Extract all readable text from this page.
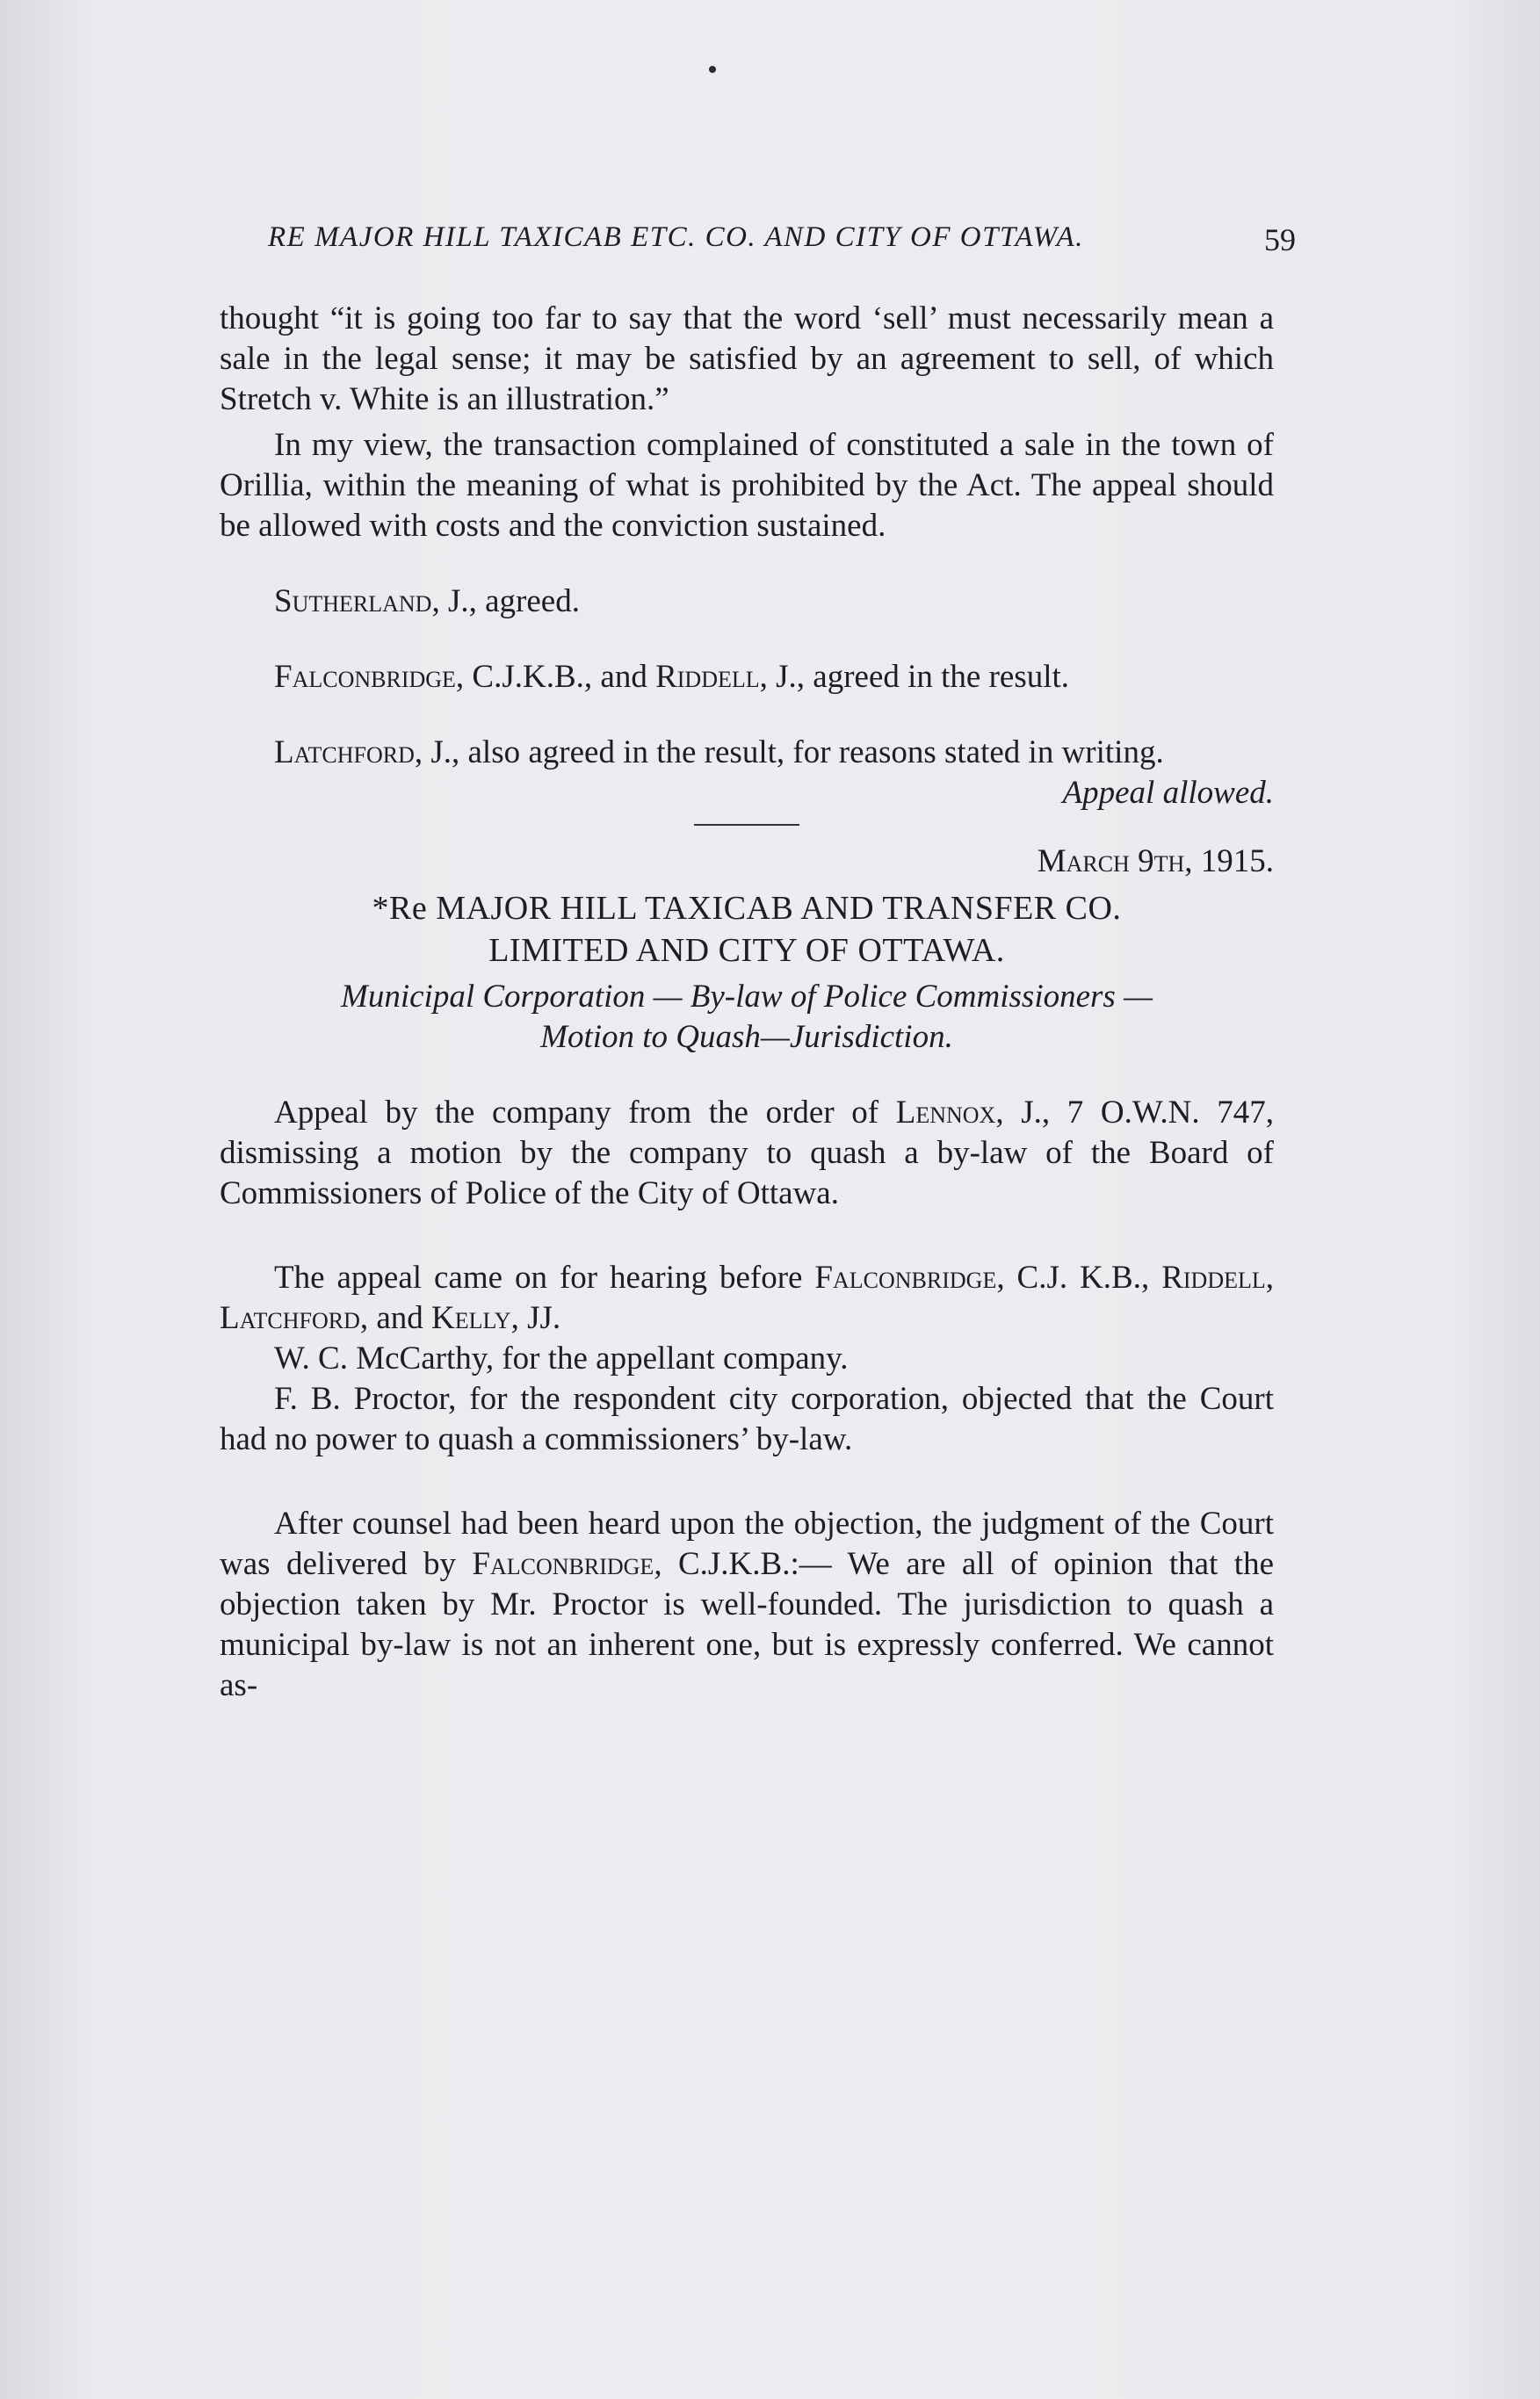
RE MAJOR HILL TAXICAB ETC. CO. AND CITY OF OTTAWA.	59

thought “it is going too far to say that the word ‘sell’ must necessarily mean a sale in the legal sense; it may be satisfied by an agreement to sell, of which Stretch v. White is an illustration.”

In my view, the transaction complained of constituted a sale in the town of Orillia, within the meaning of what is prohibited by the Act. The appeal should be allowed with costs and the conviction sustained.

Sutherland, J., agreed.

Falconbridge, C.J.K.B., and Riddell, J., agreed in the result.

Latchford, J., also agreed in the result, for reasons stated in writing.

Appeal allowed.

March 9th, 1915.

*Re MAJOR HILL TAXICAB AND TRANSFER CO.

LIMITED AND CITY OF OTTAWA.

Municipal Corporation — By-law of Police Commissioners —

Motion to Quash—Jurisdiction.

Appeal by the company from the order of Lennox, J., 7 O.W.N. 747, dismissing a motion by the company to quash a by-law of the Board of Commissioners of Police of the City of Ottawa.

The appeal came on for hearing before Falconbridge, C.J. K.B., Riddell, Latchford, and Kelly, JJ.

W. C. McCarthy, for the appellant company.

F. B. Proctor, for the respondent city corporation, objected that the Court had no power to quash a commissioners’ by-law.

After counsel had been heard upon the objection, the judgment of the Court was delivered by Falconbridge, C.J.K.B.:— We are all of opinion that the objection taken by Mr. Proctor is well-founded. The jurisdiction to quash a municipal by-law is not an inherent one, but is expressly conferred. We cannot as-
